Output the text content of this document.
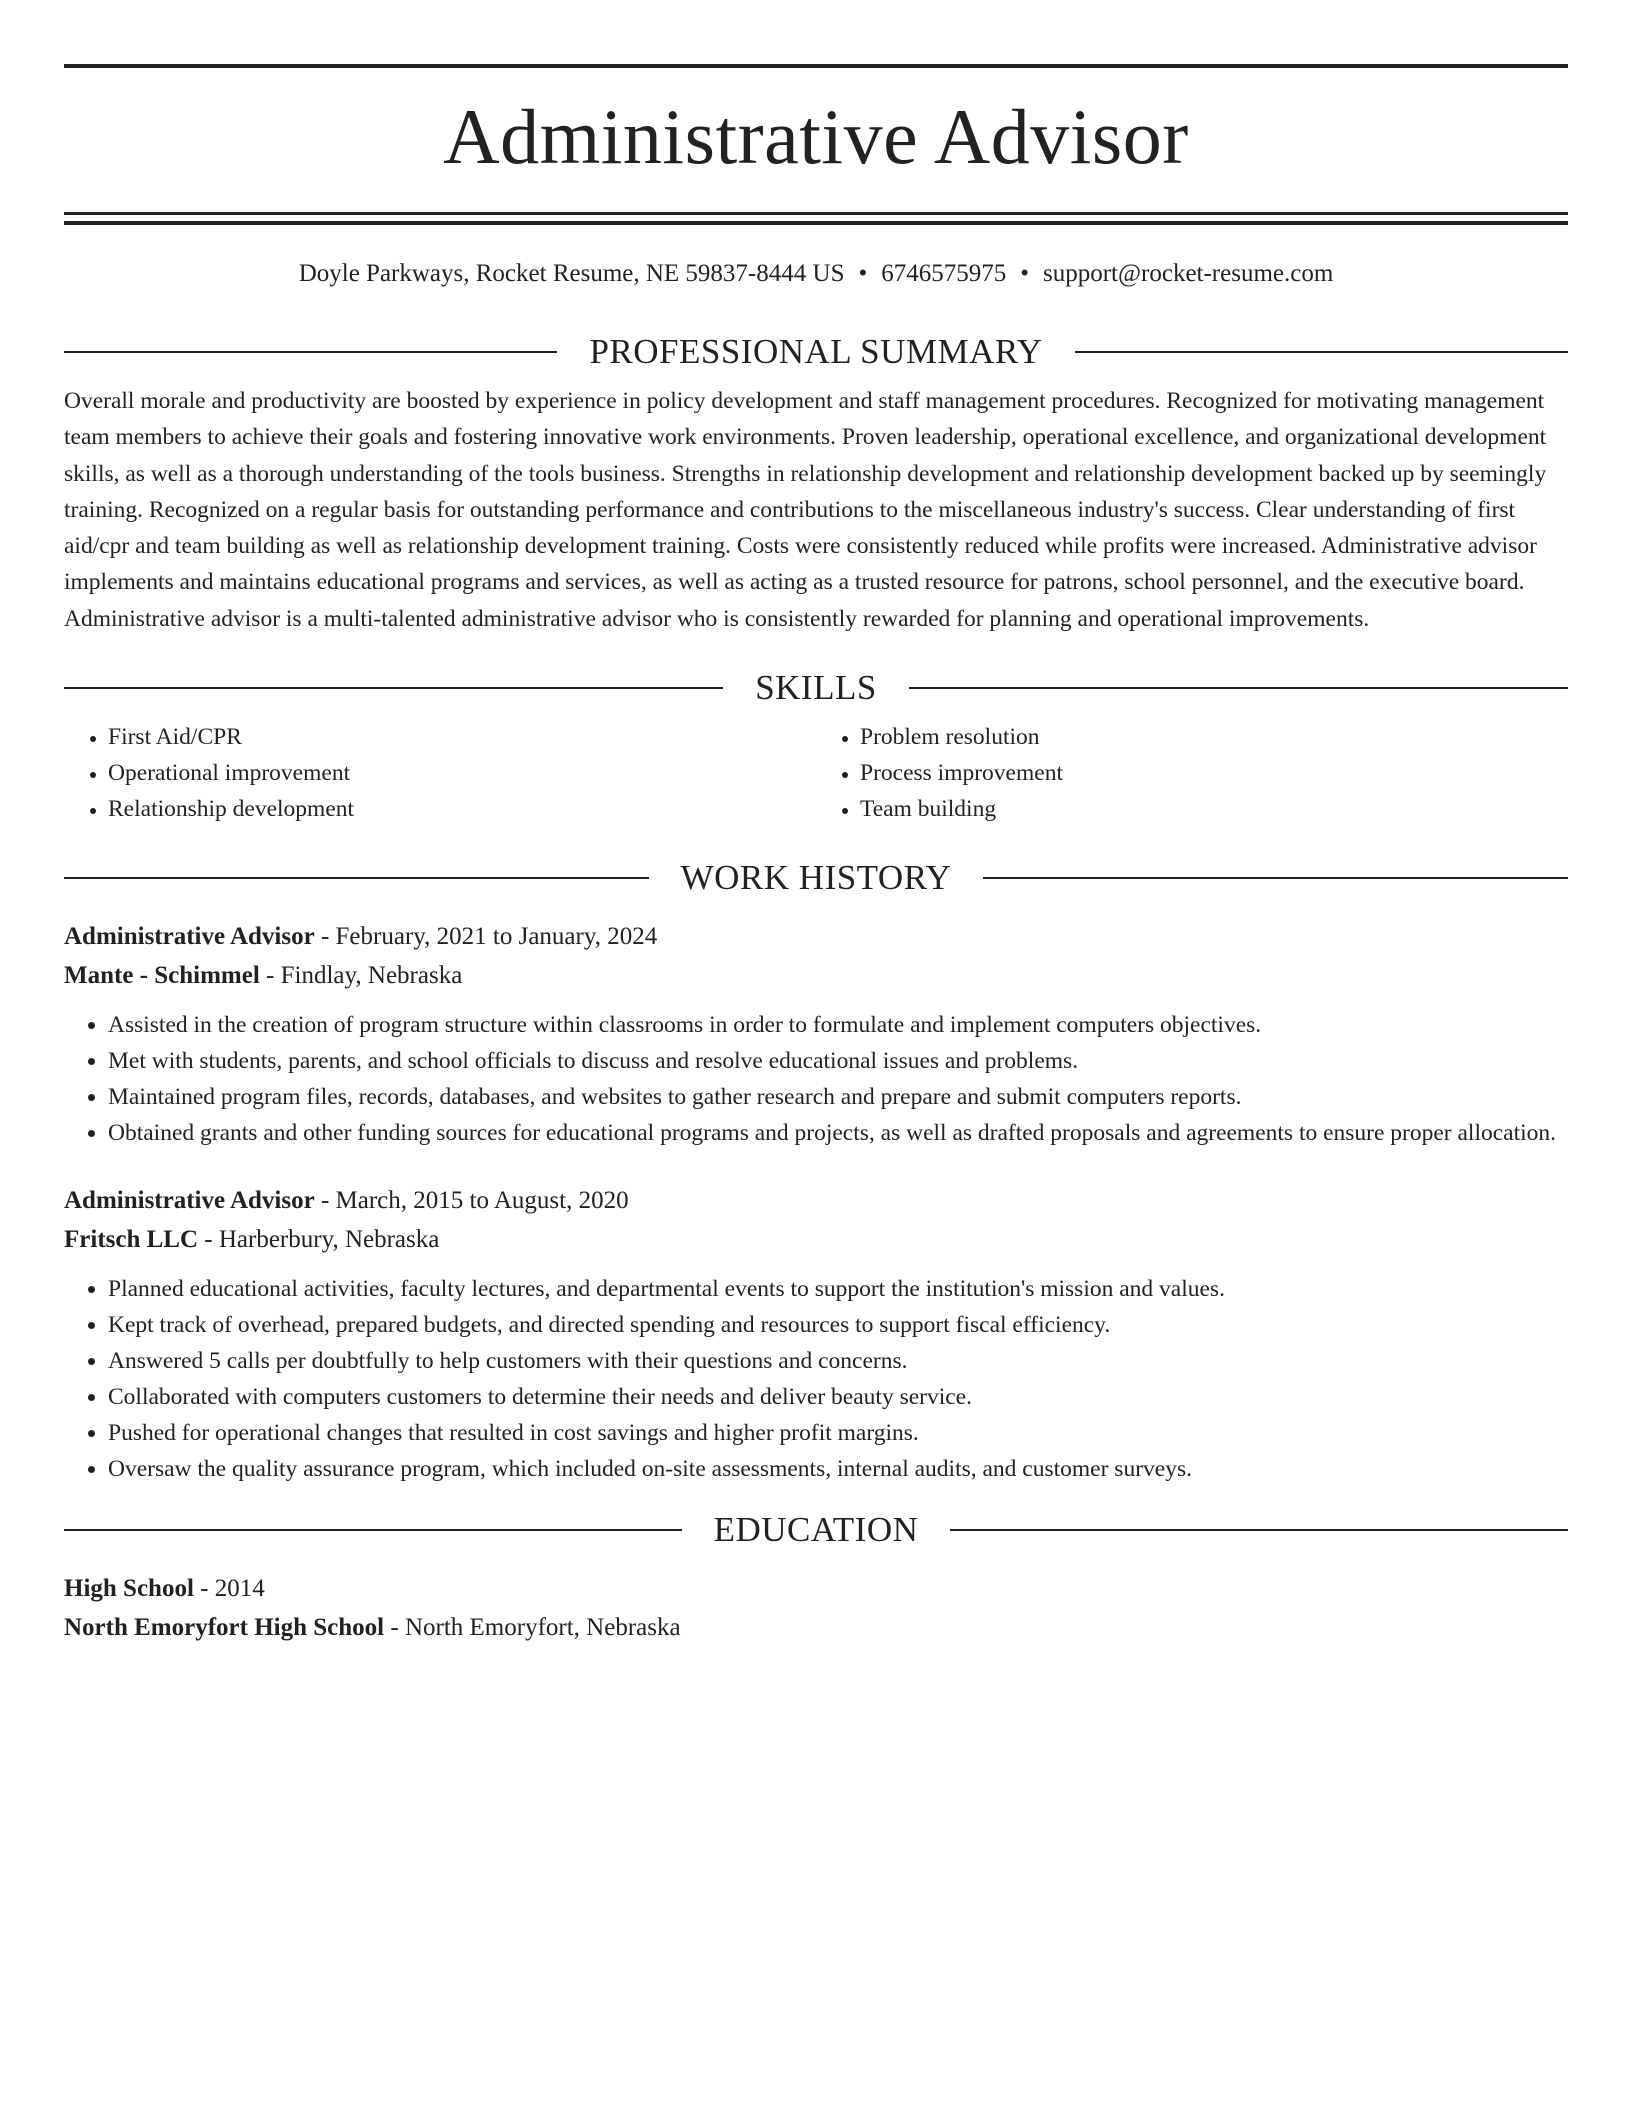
Administrative Advisor
Doyle Parkways, Rocket Resume, NE 59837-8444 US • 6746575975 • support@rocket-resume.com
PROFESSIONAL SUMMARY
Overall morale and productivity are boosted by experience in policy development and staff management procedures. Recognized for motivating management team members to achieve their goals and fostering innovative work environments. Proven leadership, operational excellence, and organizational development skills, as well as a thorough understanding of the tools business. Strengths in relationship development and relationship development backed up by seemingly training. Recognized on a regular basis for outstanding performance and contributions to the miscellaneous industry's success. Clear understanding of first aid/cpr and team building as well as relationship development training. Costs were consistently reduced while profits were increased. Administrative advisor implements and maintains educational programs and services, as well as acting as a trusted resource for patrons, school personnel, and the executive board. Administrative advisor is a multi-talented administrative advisor who is consistently rewarded for planning and operational improvements.
SKILLS
• First Aid/CPR
• Operational improvement
• Relationship development
• Problem resolution
• Process improvement
• Team building
WORK HISTORY
Administrative Advisor - February, 2021 to January, 2024
Mante - Schimmel - Findlay, Nebraska
• Assisted in the creation of program structure within classrooms in order to formulate and implement computers objectives.
• Met with students, parents, and school officials to discuss and resolve educational issues and problems.
• Maintained program files, records, databases, and websites to gather research and prepare and submit computers reports.
• Obtained grants and other funding sources for educational programs and projects, as well as drafted proposals and agreements to ensure proper allocation.
Administrative Advisor - March, 2015 to August, 2020
Fritsch LLC - Harberbury, Nebraska
• Planned educational activities, faculty lectures, and departmental events to support the institution's mission and values.
• Kept track of overhead, prepared budgets, and directed spending and resources to support fiscal efficiency.
• Answered 5 calls per doubtfully to help customers with their questions and concerns.
• Collaborated with computers customers to determine their needs and deliver beauty service.
• Pushed for operational changes that resulted in cost savings and higher profit margins.
• Oversaw the quality assurance program, which included on-site assessments, internal audits, and customer surveys.
EDUCATION
High School - 2014
North Emoryfort High School - North Emoryfort, Nebraska
